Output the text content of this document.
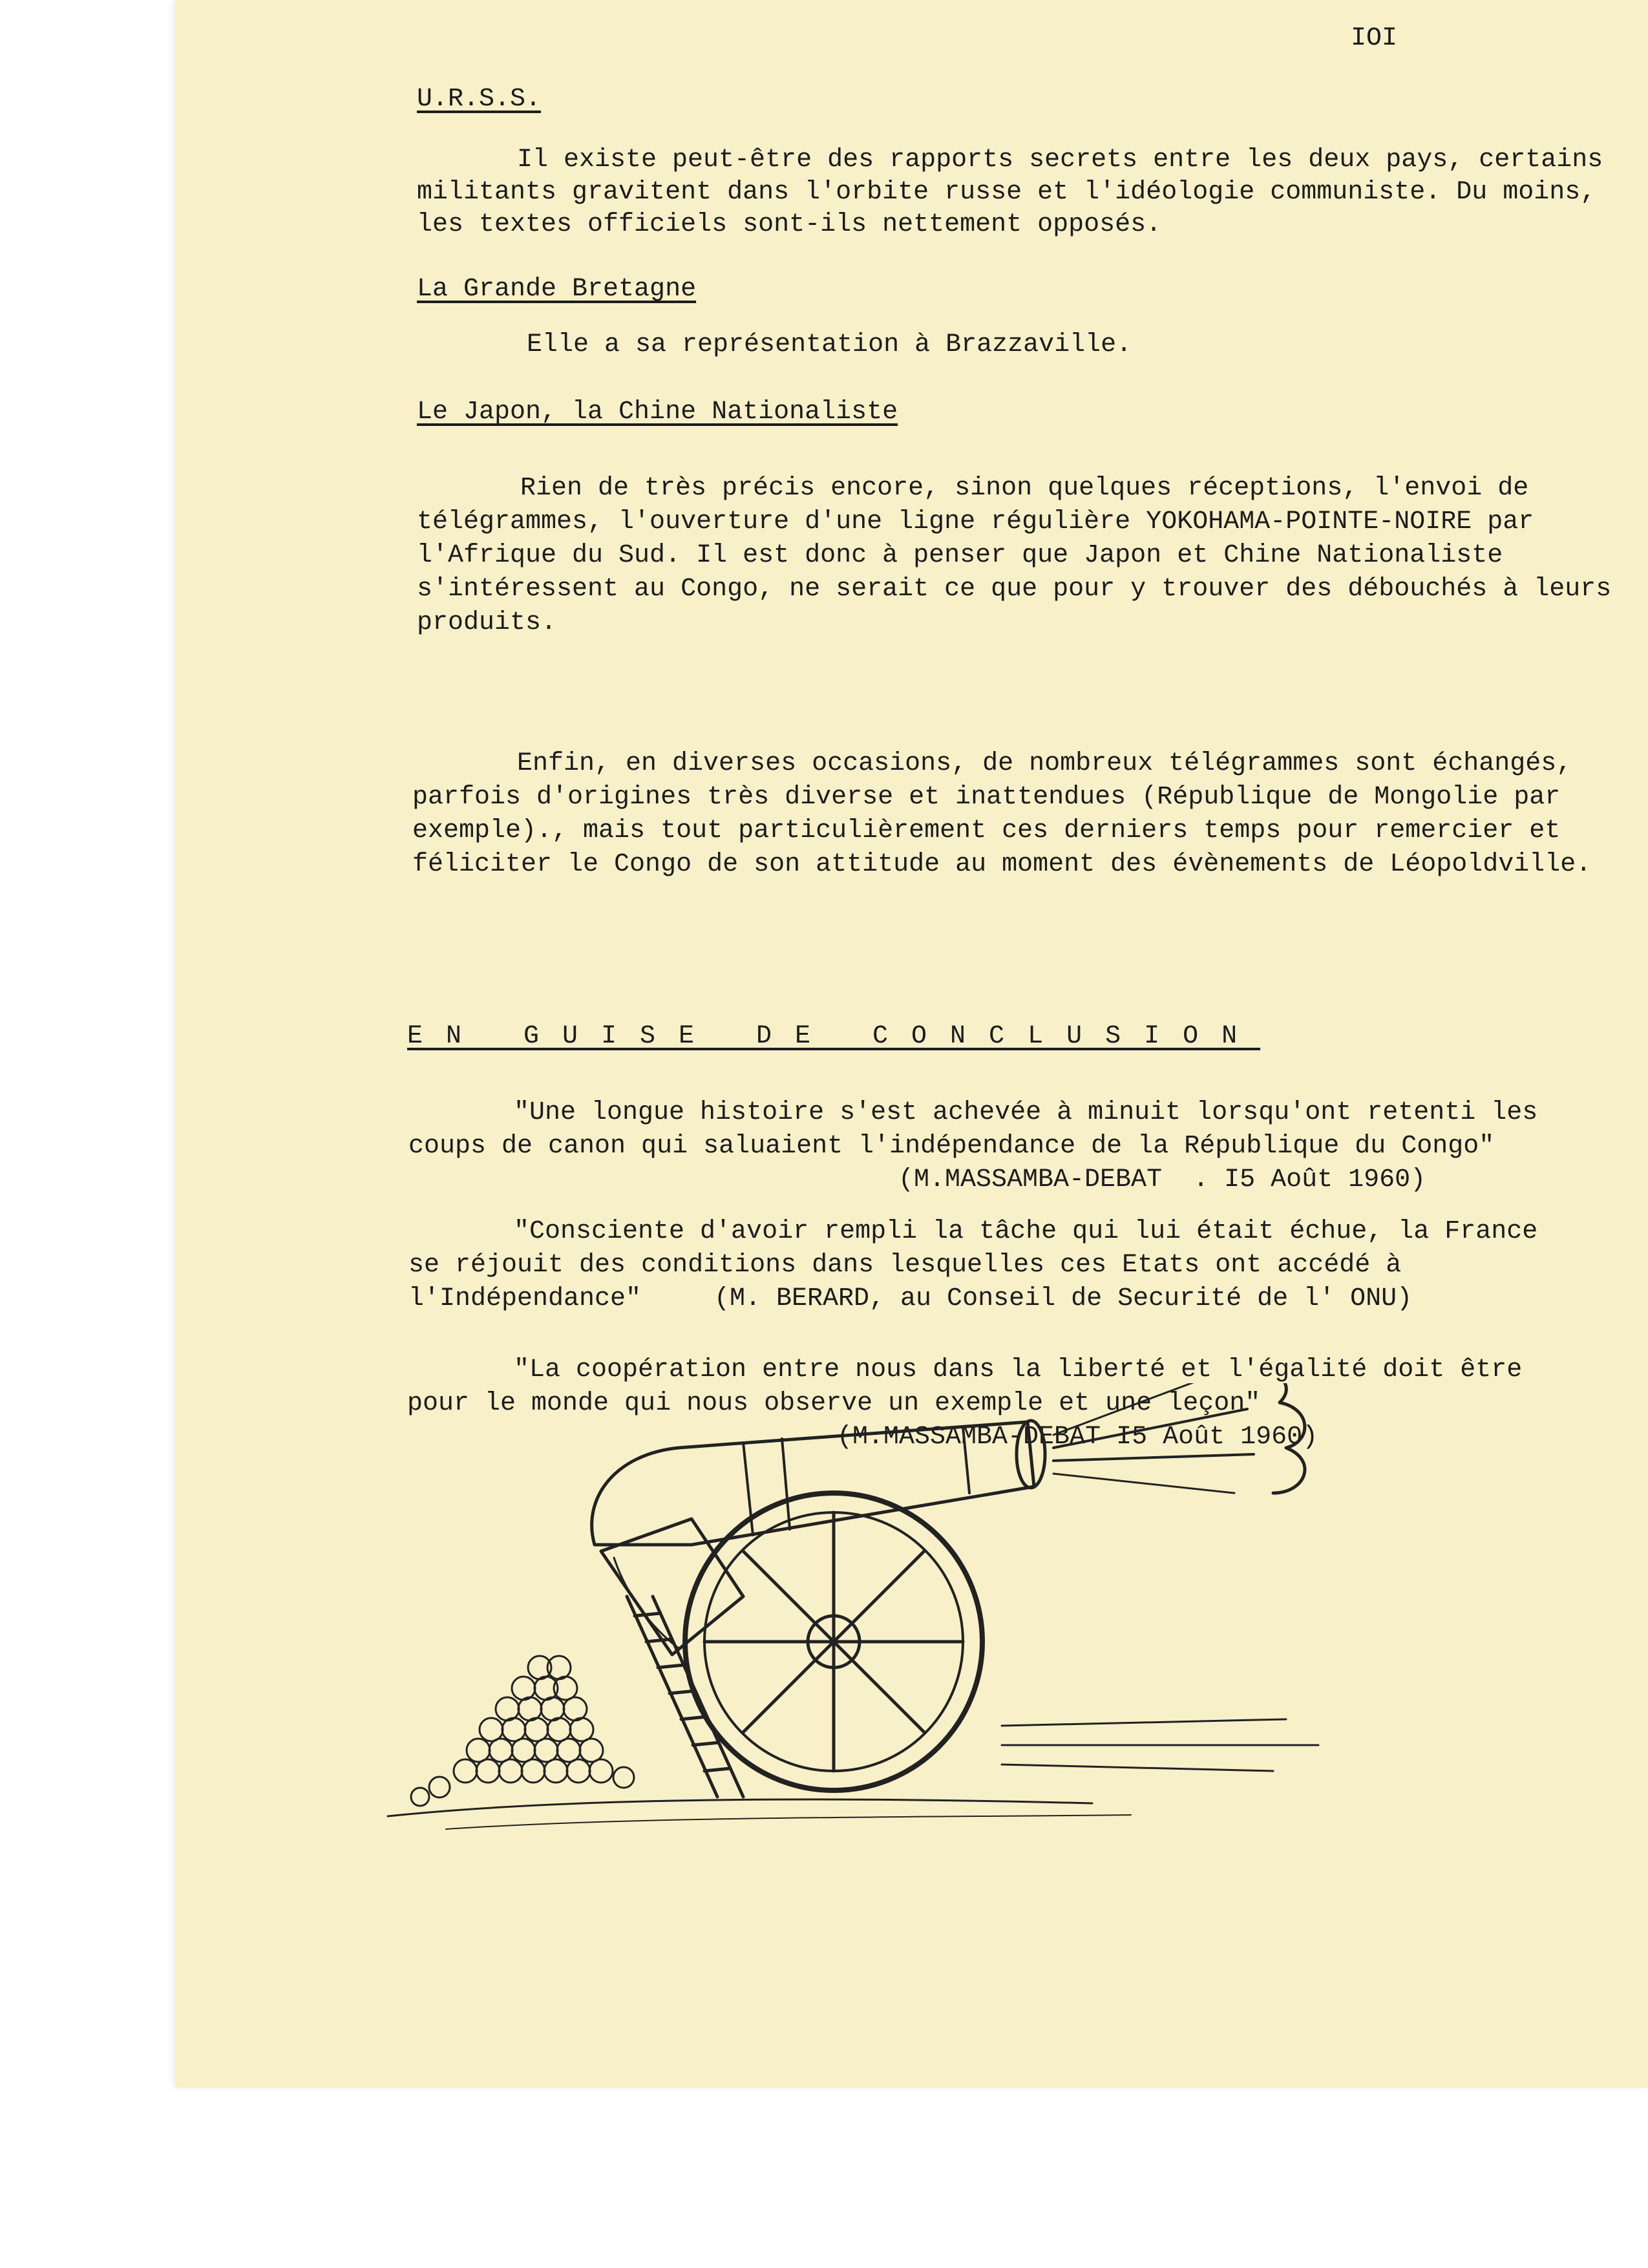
IOI
U.R.S.S.
Il existe peut-être des rapports secrets entre les deux pays, certains
militants gravitent dans l'orbite russe et l'idéologie communiste. Du moins,
les textes officiels sont-ils nettement opposés.
La Grande Bretagne
Elle a sa représentation à Brazzaville.
Le Japon, la Chine Nationaliste
Rien de très précis encore, sinon quelques réceptions, l'envoi de
télégrammes, l'ouverture d'une ligne régulière YOKOHAMA-POINTE-NOIRE par
l'Afrique du Sud. Il est donc à penser que Japon et Chine Nationaliste
s'intéressent au Congo, ne serait ce que pour y trouver des débouchés à leurs
produits.
Enfin, en diverses occasions, de nombreux télégrammes sont échangés,
parfois d'origines très diverse et inattendues (République de Mongolie par
exemple)., mais tout particulièrement ces derniers temps pour remercier et
féliciter le Congo de son attitude au moment des évènements de Léopoldville.
EN GUISE DE CONCLUSION
"Une longue histoire s'est achevée à minuit lorsqu'ont retenti les
coups de canon qui saluaient l'indépendance de la République du Congo"
(M.MASSAMBA-DEBAT  . I5 Août 1960)
"Consciente d'avoir rempli la tâche qui lui était échue, la France
se réjouit des conditions dans lesquelles ces Etats ont accédé à
l'Indépendance"	(M. BERARD, au Conseil de Securité de l' ONU)
"La coopération entre nous dans la liberté et l'égalité doit être
pour le monde qui nous observe un exemple et une leçon"
(M.MASSAMBA-DEBAT I5 Août 1960)
